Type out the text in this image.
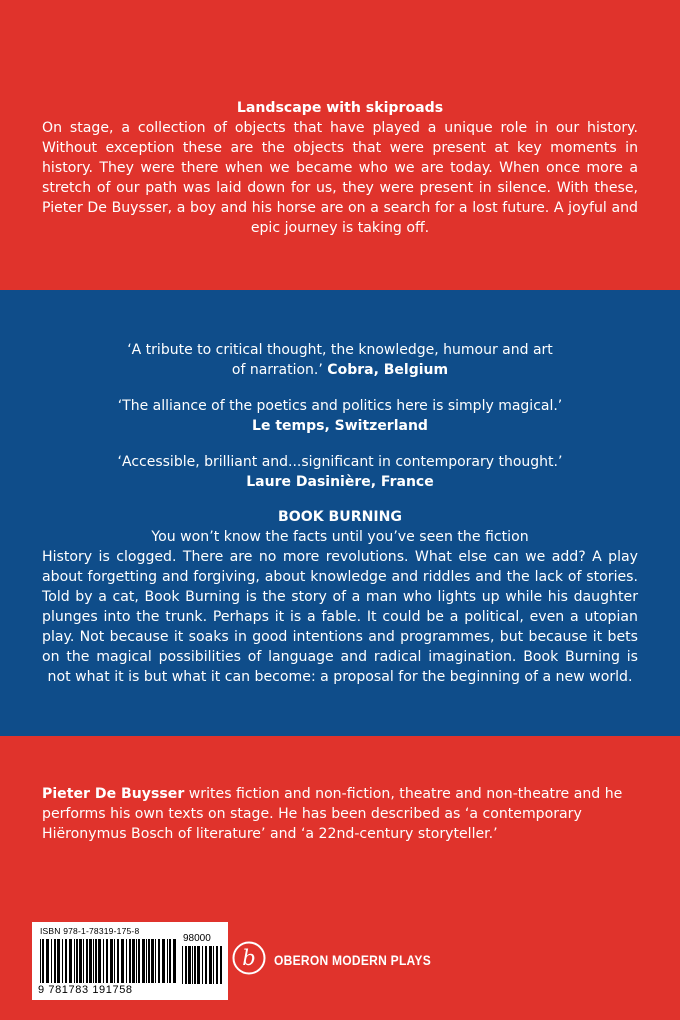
Landscape with skiproads
On stage, a collection of objects that have played a unique role in our history. Without exception these are the objects that were present at key moments in history. They were there when we became who we are today. When once more a stretch of our path was laid down for us, they were present in silence. With these, Pieter De Buysser, a boy and his horse are on a search for a lost future. A joyful and epic journey is taking off.

‘A tribute to critical thought, the knowledge, humour and art of narration.’ Cobra, Belgium

‘The alliance of the poetics and politics here is simply magical.’
Le temps, Switzerland

‘Accessible, brilliant and...significant in contemporary thought.’
Laure Dasinière, France

BOOK BURNING
You won’t know the facts until you’ve seen the fiction
History is clogged. There are no more revolutions. What else can we add? A play about forgetting and forgiving, about knowledge and riddles and the lack of stories. Told by a cat, Book Burning is the story of a man who lights up while his daughter plunges into the trunk. Perhaps it is a fable. It could be a political, even a utopian play. Not because it soaks in good intentions and programmes, but because it bets on the magical possibilities of language and radical imagination. Book Burning is not what it is but what it can become: a proposal for the beginning of a new world.
Pieter De Buysser writes fiction and non-fiction, theatre and non-theatre and he performs his own texts on stage. He has been described as ‘a contemporary Hiëronymus Bosch of literature’ and ‘a 22nd-century storyteller.’
ISBN 978-1-78319-175-8
98000
9 781783 191758
b OBERON MODERN PLAYS
